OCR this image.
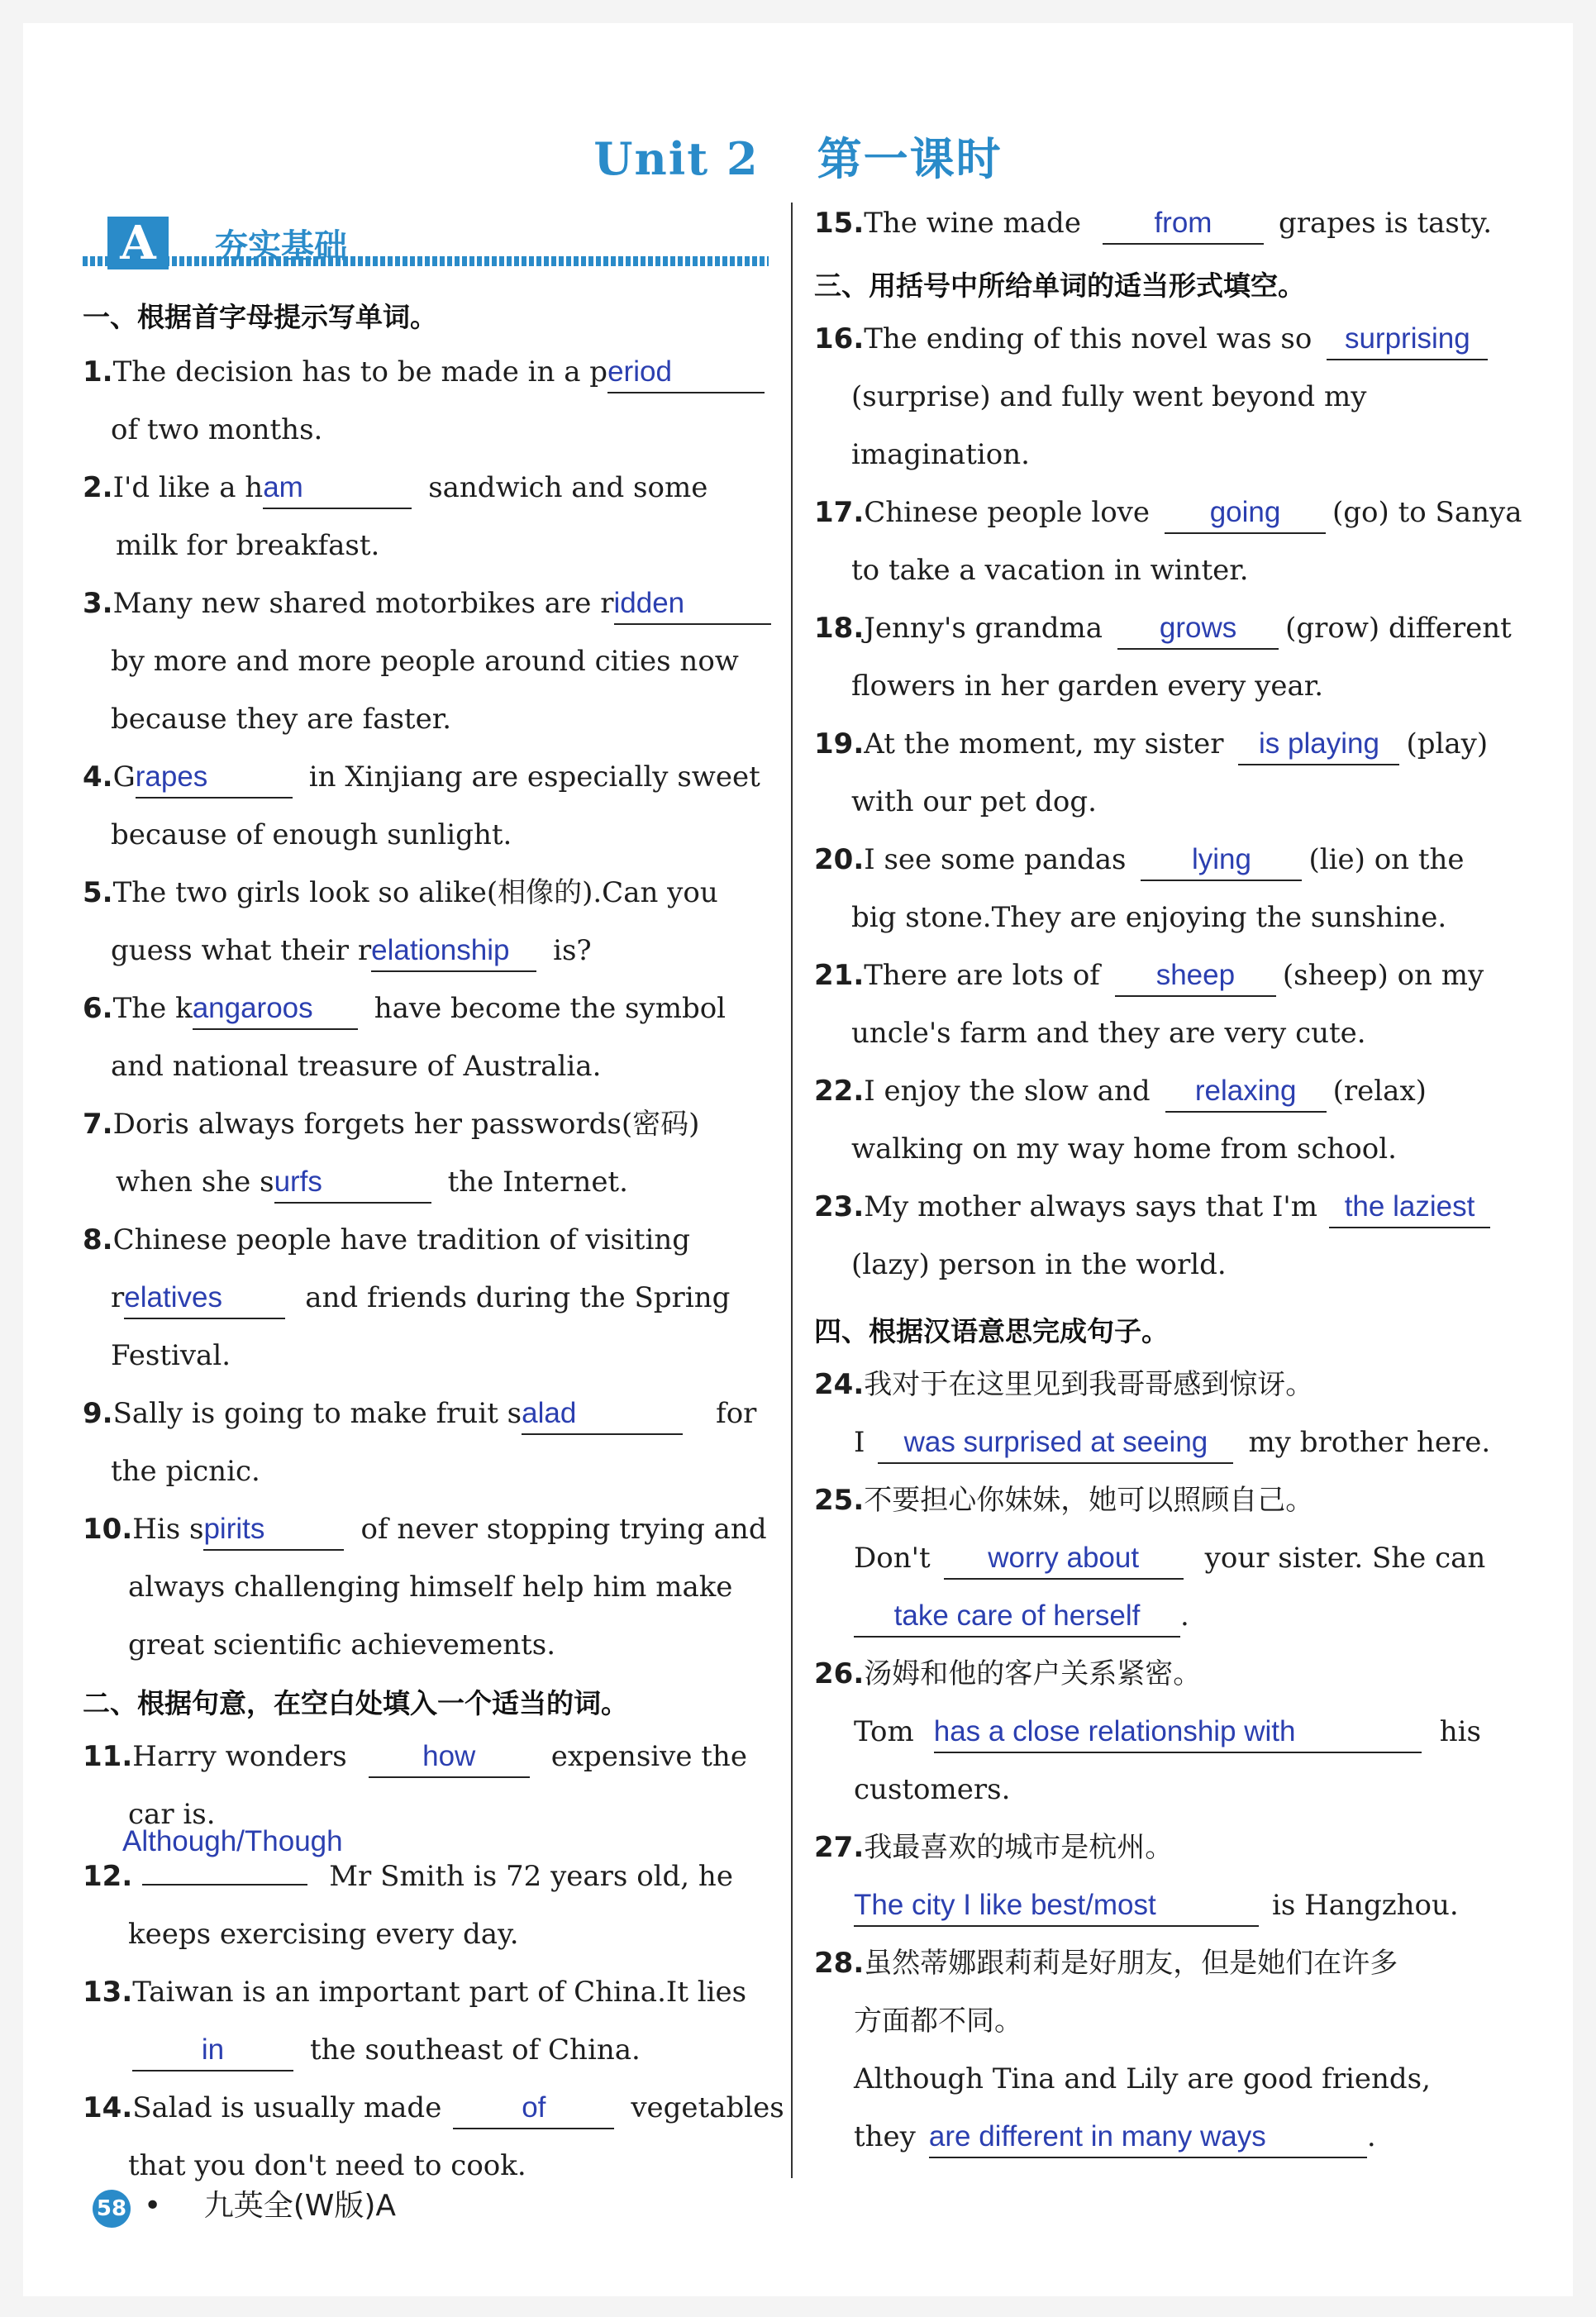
Unit 2 第一课时
A	夯实基础
一、根据首字母提示写单词。
1.The decision has to be made in a period
of two months.
2.I'd like a ham	sandwich and some
milk for breakfast.
3.Many new shared motorbikes are ridden
by more and more people around cities now
because they are faster.
4.Grapes	in Xinjiang are especially sweet
because of enough sunlight.
5.The two girls look so alike(相像的).Can you
guess what their relationship is?
6.The kangaroos have become the symbol
and national treasure of Australia.
7.Doris always forgets her passwords(密码)
when she surfs	the Internet.
8.Chinese people have tradition of visiting
relatives	and friends during the Spring
Festival.
9.Sally is going to make fruit salad	for
the picnic.
10.His spirits	of never stopping trying and
always challenging himself help him make
great scientific achievements.
二、根据句意，在空白处填入一个适当的词。
11.Harry wonders	how	expensive the
car is.
Although/Though
12.	Mr Smith is 72 years old, he
keeps exercising every day.
13.Taiwan is an important part of China.It lies
in	the southeast of China.
14.Salad is usually made	of	vegetables
that you don't need to cook.
15.The wine made	from grapes is tasty.
三、用括号中所给单词的适当形式填空。
16.The ending of this novel was so surprising
(surprise) and fully went beyond my
imagination.
17.Chinese people love going (go) to Sanya
to take a vacation in winter.
18.Jenny's grandma grows (grow) different
flowers in her garden every year.
19.At the moment, my sister is playing (play)
with our pet dog.
20.I see some pandas lying (lie) on the
big stone.They are enjoying the sunshine.
21.There are lots of sheep (sheep) on my
uncle's farm and they are very cute.
22.I enjoy the slow and relaxing (relax)
walking on my way home from school.
23.My mother always says that I'm the laziest
(lazy) person in the world.
四、根据汉语意思完成句子。
24.我对于在这里见到我哥哥感到惊讶。
I was surprised at seeing my brother here.
25.不要担心你妹妹，她可以照顾自己。
Don't worry about your sister. She can
take care of herself .
26.汤姆和他的客户关系紧密。
Tom has a close relationship with	his
customers.
27.我最喜欢的城市是杭州。
The city I like best/most	is Hangzhou.
28.虽然蒂娜跟莉莉是好朋友，但是她们在许多
方面都不同。
Although Tina and Lily are good friends,
they are different in many ways	.
58 • 九英全(W版)A
